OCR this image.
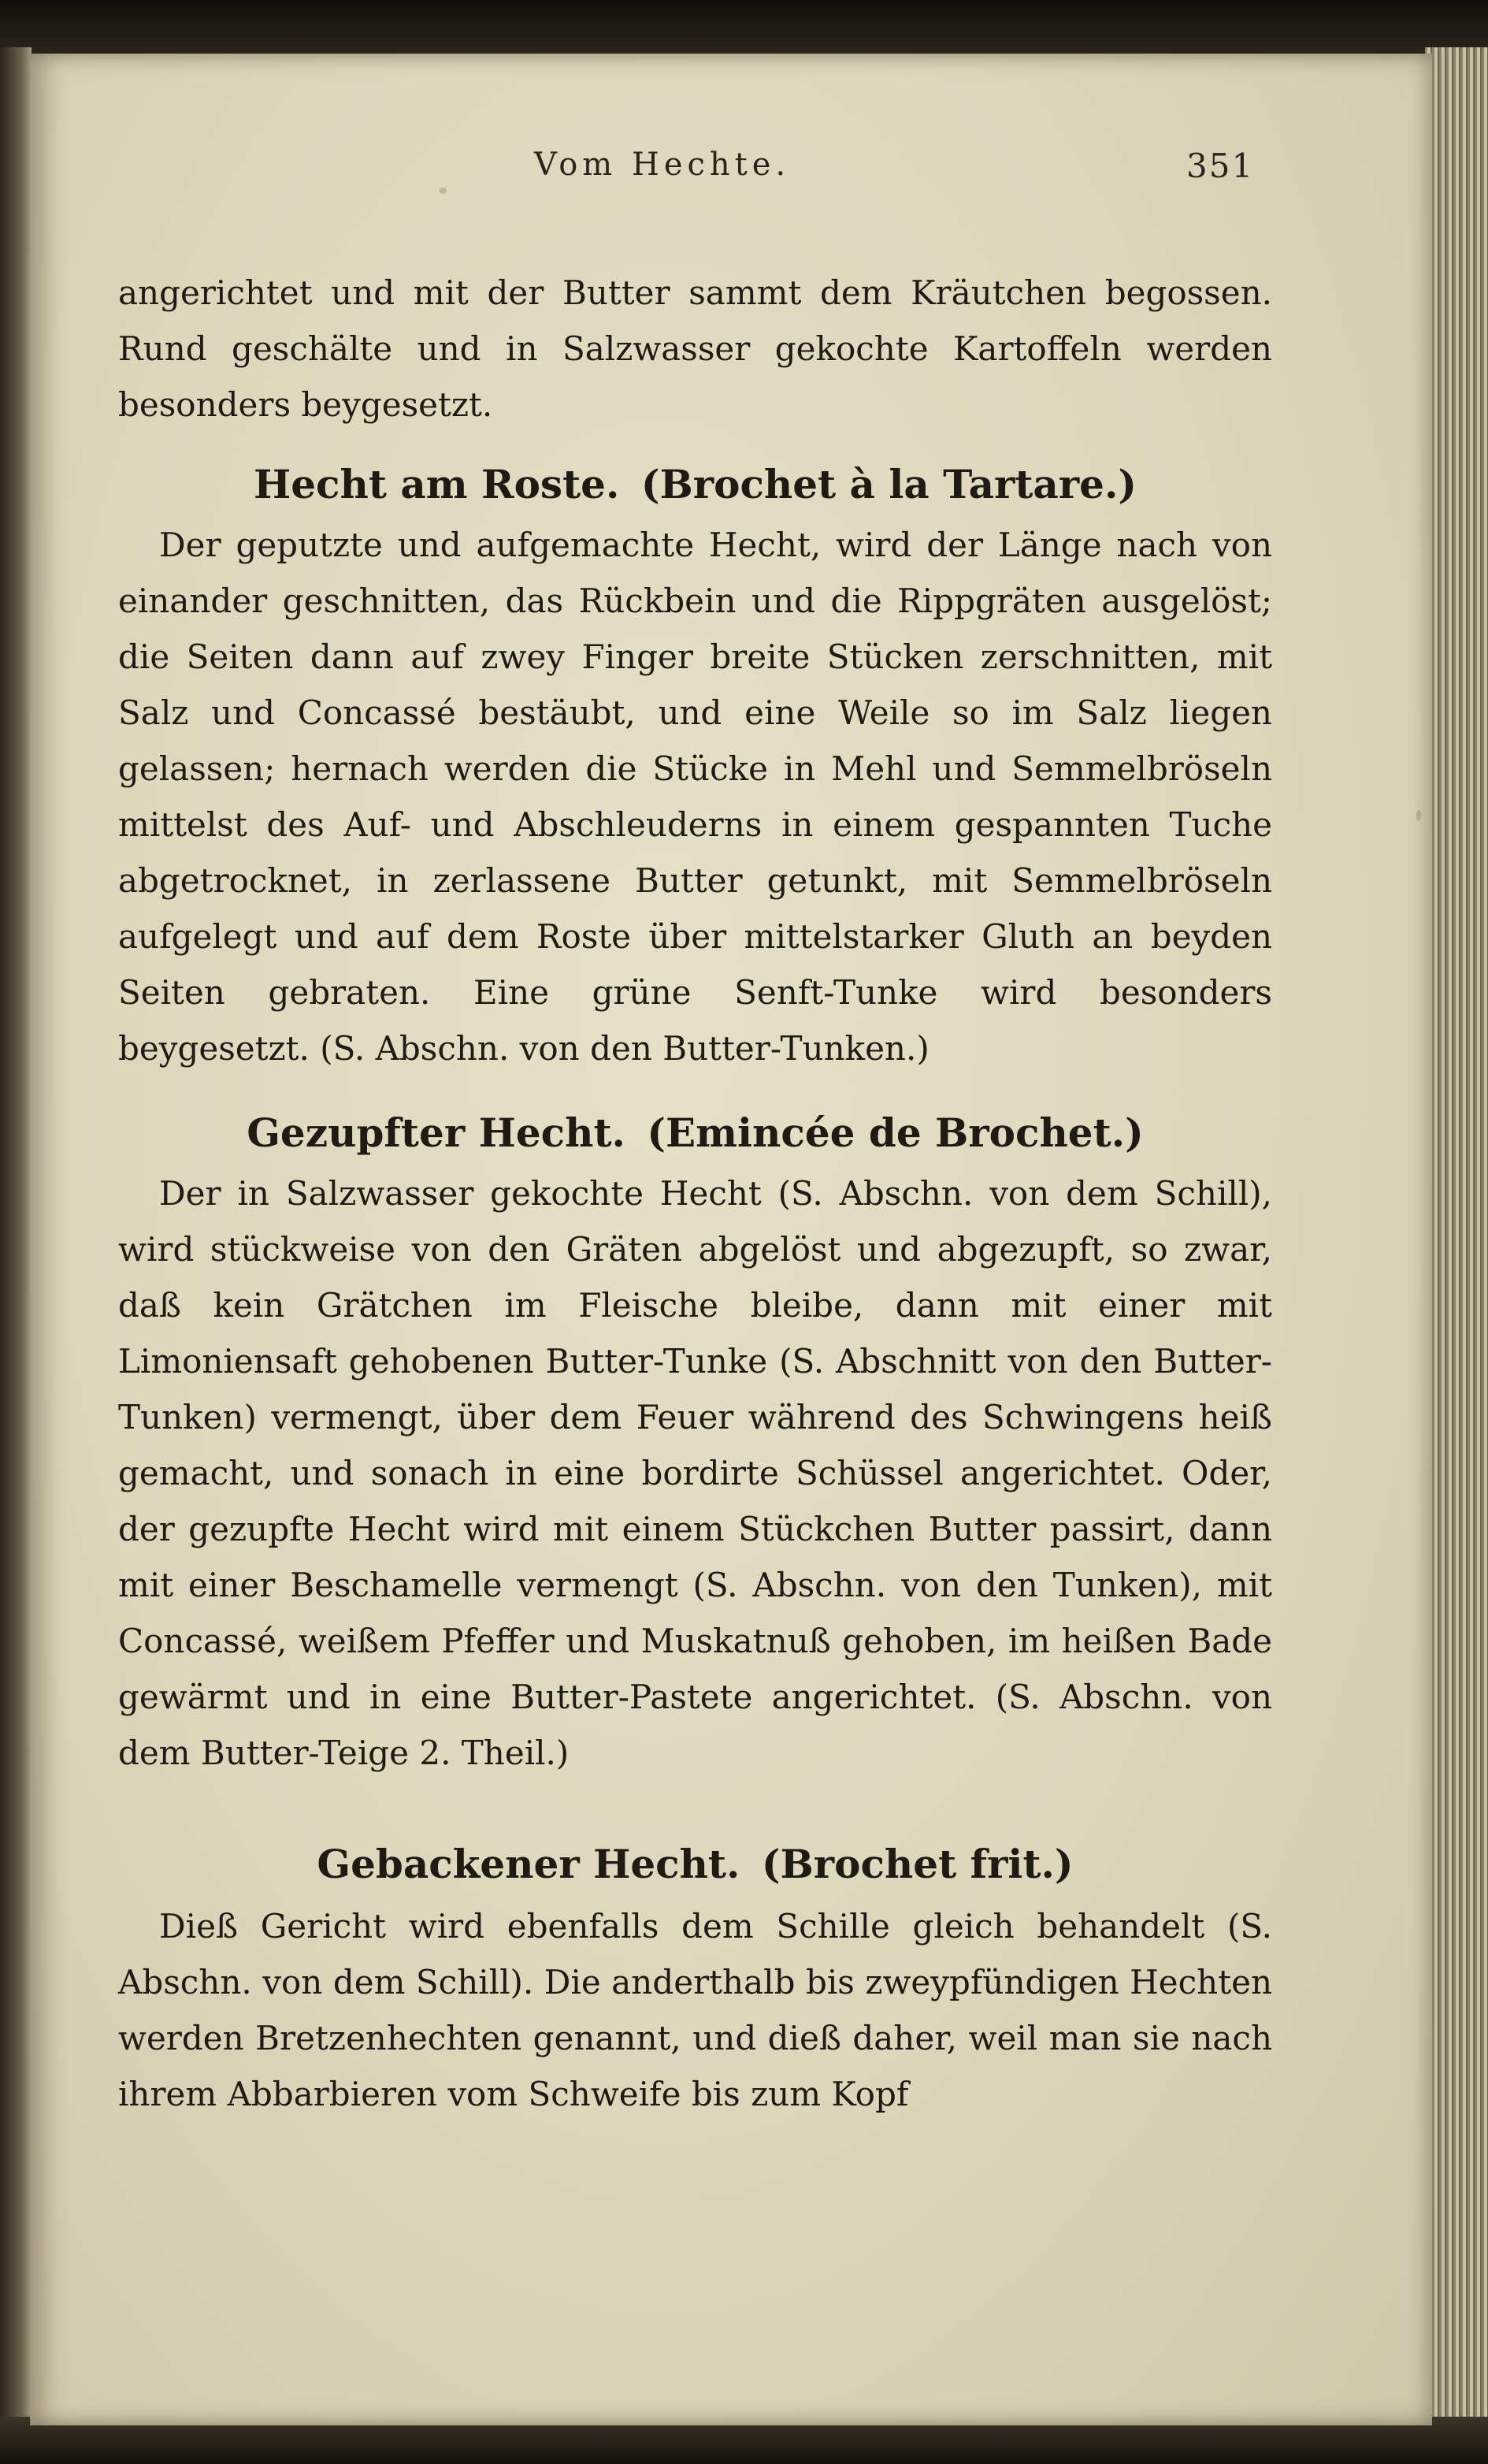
Vom Hechte.	351

angerichtet und mit der Butter sammt dem Kräutchen begossen. Rund geschälte und in Salzwasser gekochte Kartoffeln werden besonders beygesetzt.

Hecht am Roste. (Brochet à la Tartare.)

Der geputzte und aufgemachte Hecht, wird der Länge nach von einander geschnitten, das Rückbein und die Rippgräten ausgelöst; die Seiten dann auf zwey Finger breite Stücken zerschnitten, mit Salz und Concassé bestäubt, und eine Weile so im Salz liegen gelassen; hernach werden die Stücke in Mehl und Semmelbröseln mittelst des Auf- und Abschleuderns in einem gespannten Tuche abgetrocknet, in zerlassene Butter getunkt, mit Semmelbröseln aufgelegt und auf dem Roste über mittelstarker Gluth an beyden Seiten gebraten. Eine grüne Senft-Tunke wird besonders beygesetzt. (S. Abschn. von den Butter-Tunken.)

Gezupfter Hecht. (Emincée de Brochet.)

Der in Salzwasser gekochte Hecht (S. Abschn. von dem Schill), wird stückweise von den Gräten abgelöst und abgezupft, so zwar, daß kein Grätchen im Fleische bleibe, dann mit einer mit Limoniensaft gehobenen Butter-Tunke (S. Abschnitt von den Butter-Tunken) vermengt, über dem Feuer während des Schwingens heiß gemacht, und sonach in eine bordirte Schüssel angerichtet. Oder, der gezupfte Hecht wird mit einem Stückchen Butter passirt, dann mit einer Beschamelle vermengt (S. Abschn. von den Tunken), mit Concassé, weißem Pfeffer und Muskatnuß gehoben, im heißen Bade gewärmt und in eine Butter-Pastete angerichtet. (S. Abschn. von dem Butter-Teige 2. Theil.)

Gebackener Hecht. (Brochet frit.)

Dieß Gericht wird ebenfalls dem Schille gleich behandelt (S. Abschn. von dem Schill). Die anderthalb bis zweypfündigen Hechten werden Bretzenhechten genannt, und dieß daher, weil man sie nach ihrem Abbarbieren vom Schweife bis zum Kopf
